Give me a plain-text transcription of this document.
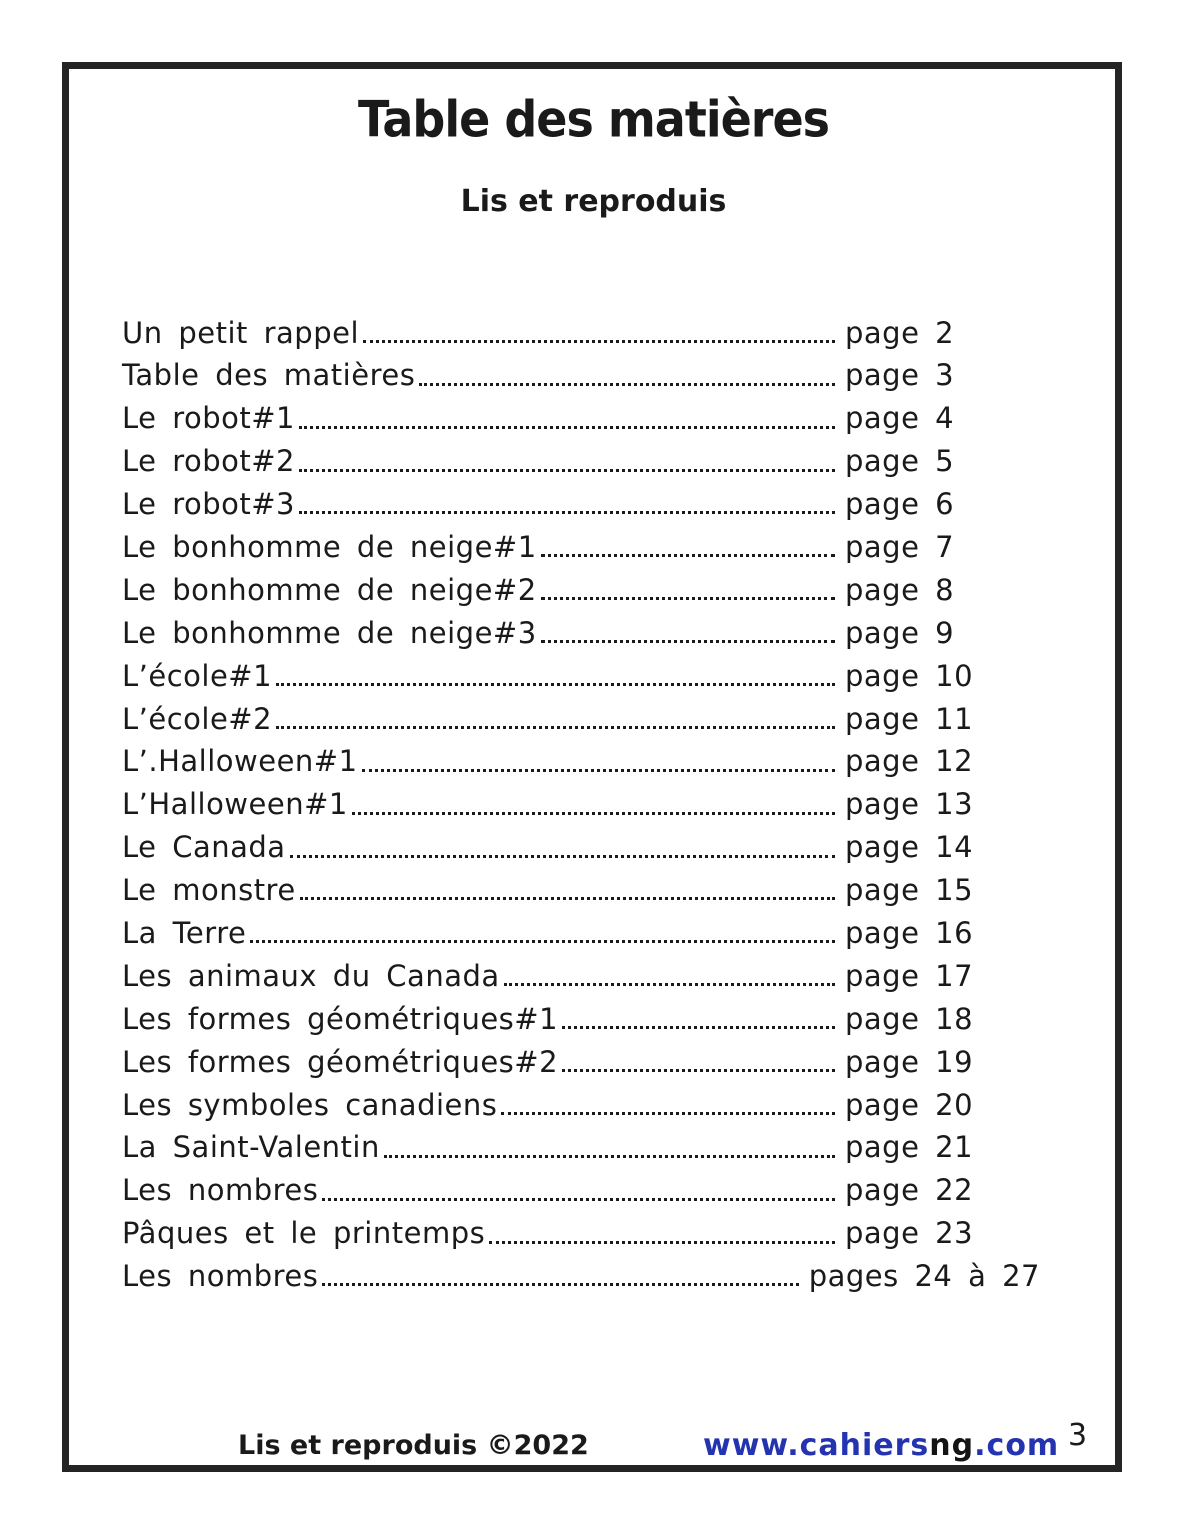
Table des matières
Lis et reproduis
Un petit rappel	page 2
Table des matières	page 3
Le robot#1	page 4
Le robot#2	page 5
Le robot#3	page 6
Le bonhomme de neige#1	page 7
Le bonhomme de neige#2	page 8
Le bonhomme de neige#3	page 9
L’école#1	page 10
L’école#2	page 11
L’.Halloween#1	page 12
L’Halloween#1	page 13
Le Canada	page 14
Le monstre	page 15
La Terre	page 16
Les animaux du Canada	page 17
Les formes géométriques#1	page 18
Les formes géométriques#2	page 19
Les symboles canadiens	page 20
La Saint-Valentin	page 21
Les nombres	page 22
Pâques et le printemps	page 23
Les nombres	pages 24 à 27
Lis et reproduis ©2022	www.cahiersng.com 3
